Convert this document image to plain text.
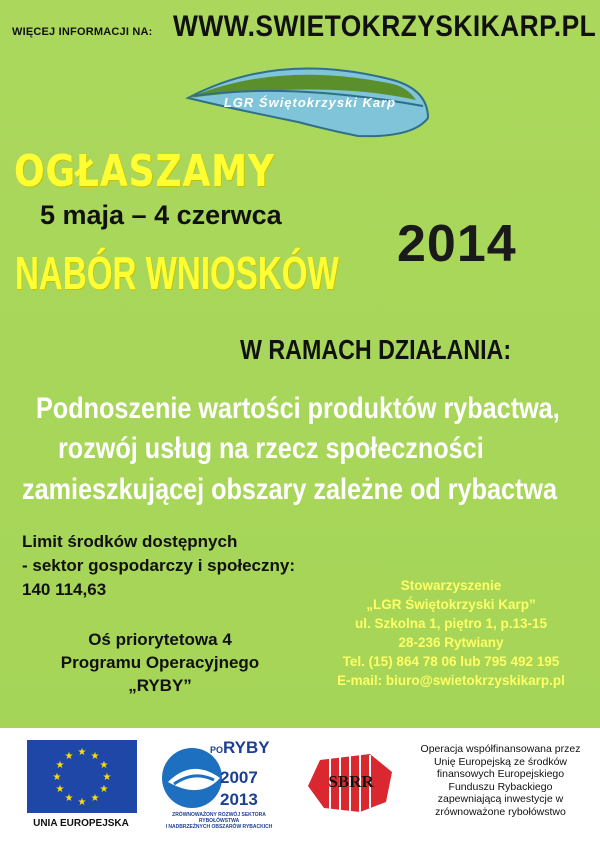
WIĘCEJ INFORMACJI NA: WWW.SWIETOKRZYSKIKARP.PL
LGR Świętokrzyski Karp
OGŁASZAMY
5 maja – 4 czerwca
NABÓR WNIOSKÓW 2014
W RAMACH DZIAŁANIA:
Podnoszenie wartości produktów rybactwa,
rozwój usług na rzecz społeczności
zamieszkującej obszary zależne od rybactwa
Limit środków dostępnych
- sektor gospodarczy i społeczny:
140 114,63
Oś priorytetowa 4
Programu Operacyjnego
„RYBY”
Stowarzyszenie
„LGR Świętokrzyski Karp”
ul. Szkolna 1, piętro 1, p.13-15
28-236 Rytwiany
Tel. (15) 864 78 06 lub 795 492 195
E-mail: biuro@swietokrzyskikarp.pl
★ ★
★
★
★
★
★
★
★
★
★
★
UNIA EUROPEJSKA
PORYBY
2007
2013
ZRÓWNOWAŻONY ROZWÓJ SEKTORA RYBOŁÓWSTWA
I NADBRZEŻNYCH OBSZARÓW RYBACKICH
SBRR
Operacja współfinansowana przez
Unię Europejską ze środków
finansowych Europejskiego
Funduszu Rybackiego
zapewniającą inwestycje w
zrównoważone rybołówstwo
